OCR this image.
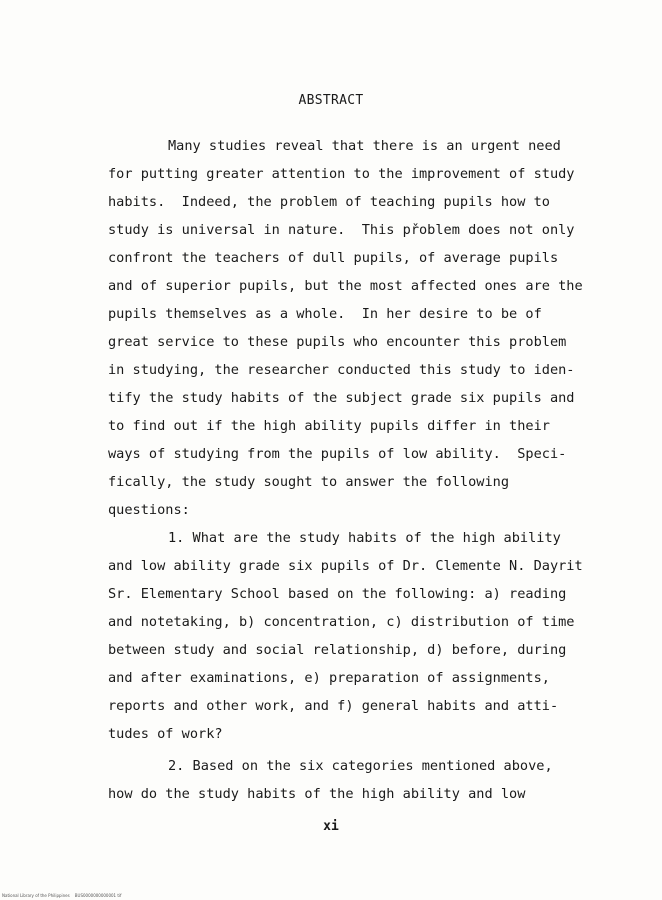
ABSTRACT
Many studies reveal that there is an urgent need
for putting greater attention to the improvement of study
habits.  Indeed, the problem of teaching pupils how to
study is universal in nature.  This přoblem does not only
confront the teachers of dull pupils, of average pupils
and of superior pupils, but the most affected ones are the
pupils themselves as a whole.  In her desire to be of
great service to these pupils who encounter this problem
in studying, the researcher conducted this study to iden-
tify the study habits of the subject grade six pupils and
to find out if the high ability pupils differ in their
ways of studying from the pupils of low ability.  Speci-
fically, the study sought to answer the following
questions:
1. What are the study habits of the high ability
and low ability grade six pupils of Dr. Clemente N. Dayrit
Sr. Elementary School based on the following: a) reading
and notetaking, b) concentration, c) distribution of time
between study and social relationship, d) before, during
and after examinations, e) preparation of assignments,
reports and other work, and f) general habits and atti-
tudes of work?
2. Based on the six categories mentioned above,
how do the study habits of the high ability and low
xi
National Library of the Philippines    BUS0000000000001 tif
